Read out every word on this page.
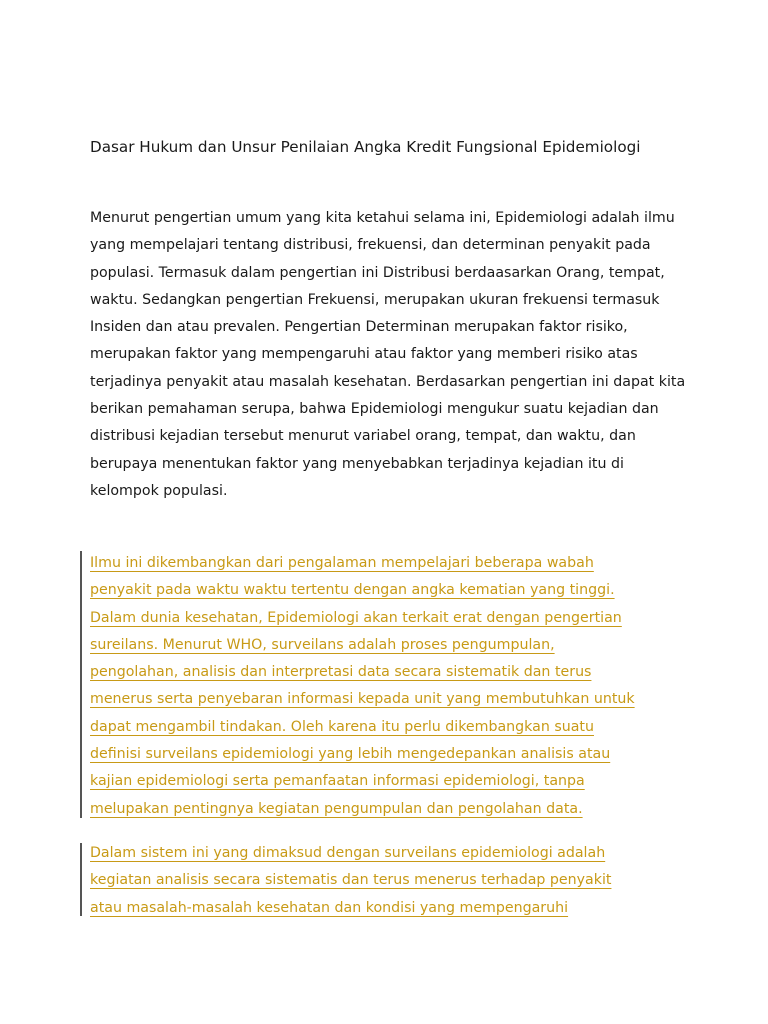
Dasar Hukum dan Unsur Penilaian Angka Kredit Fungsional Epidemiologi

Menurut pengertian umum yang kita ketahui selama ini, Epidemiologi adalah ilmu yang mempelajari tentang distribusi, frekuensi, dan determinan penyakit pada populasi. Termasuk dalam pengertian ini Distribusi berdaasarkan Orang, tempat, waktu. Sedangkan pengertian Frekuensi, merupakan ukuran frekuensi termasuk Insiden dan atau prevalen. Pengertian Determinan merupakan faktor risiko, merupakan faktor yang mempengaruhi atau faktor yang memberi risiko atas terjadinya penyakit atau masalah kesehatan. Berdasarkan pengertian ini dapat kita berikan pemahaman serupa, bahwa Epidemiologi mengukur suatu kejadian dan distribusi kejadian tersebut menurut variabel orang, tempat, dan waktu, dan berupaya menentukan faktor yang menyebabkan terjadinya kejadian itu di kelompok populasi.

Ilmu ini dikembangkan dari pengalaman mempelajari beberapa wabah
penyakit pada waktu waktu tertentu dengan angka kematian yang tinggi.
Dalam dunia kesehatan, Epidemiologi akan terkait erat dengan pengertian
sureilans. Menurut WHO, surveilans adalah proses pengumpulan,
pengolahan, analisis dan interpretasi data secara sistematik dan terus
menerus serta penyebaran informasi kepada unit yang membutuhkan untuk
dapat mengambil tindakan. Oleh karena itu perlu dikembangkan suatu
definisi surveilans epidemiologi yang lebih mengedepankan analisis atau
kajian epidemiologi serta pemanfaatan informasi epidemiologi, tanpa
melupakan pentingnya kegiatan pengumpulan dan pengolahan data.
Dalam sistem ini yang dimaksud dengan surveilans epidemiologi adalah
kegiatan analisis secara sistematis dan terus menerus terhadap penyakit
atau masalah-masalah kesehatan dan kondisi yang mempengaruhi
